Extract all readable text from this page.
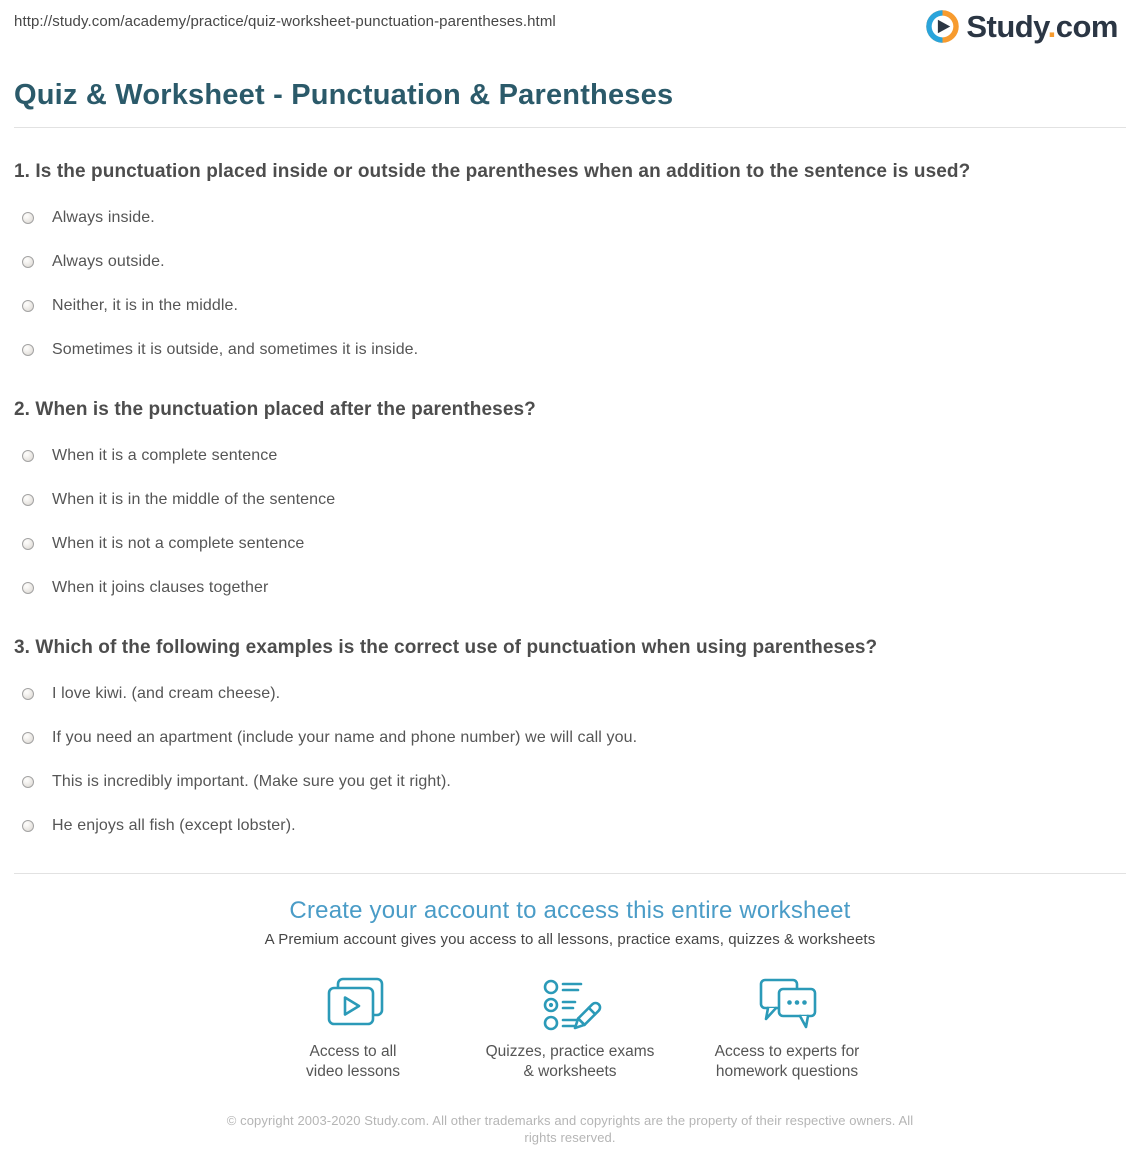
http://study.com/academy/practice/quiz-worksheet-punctuation-parentheses.html	Study.com
Quiz & Worksheet - Punctuation & Parentheses
1. Is the punctuation placed inside or outside the parentheses when an addition to the sentence is used?
Always inside.
Always outside.
Neither, it is in the middle.
Sometimes it is outside, and sometimes it is inside.
2. When is the punctuation placed after the parentheses?
When it is a complete sentence
When it is in the middle of the sentence
When it is not a complete sentence
When it joins clauses together
3. Which of the following examples is the correct use of punctuation when using parentheses?
I love kiwi. (and cream cheese).
If you need an apartment (include your name and phone number) we will call you.
This is incredibly important. (Make sure you get it right).
He enjoys all fish (except lobster).
Create your account to access this entire worksheet
A Premium account gives you access to all lessons, practice exams, quizzes & worksheets
Access to all
video lessons
Quizzes, practice exams
& worksheets
Access to experts for
homework questions
© copyright 2003-2020 Study.com. All other trademarks and copyrights are the property of their respective owners. All rights reserved.
